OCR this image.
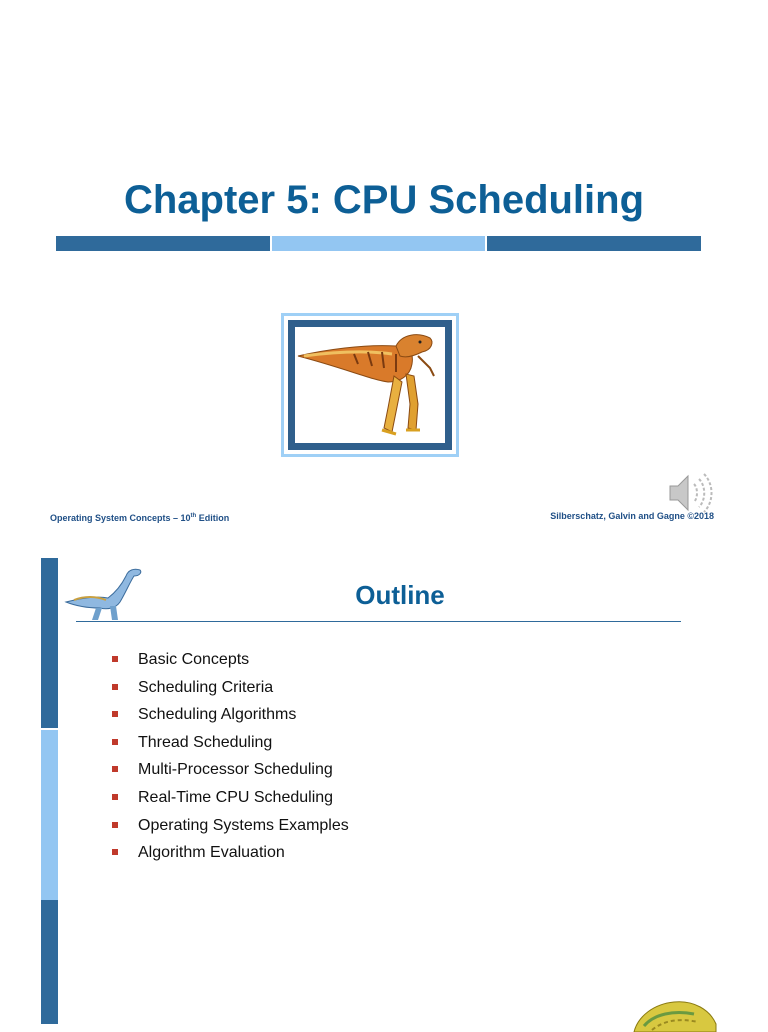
Chapter 5: CPU Scheduling
Operating System Concepts – 10th Edition	Silberschatz, Galvin and Gagne ©2018
Outline
Basic Concepts
Scheduling Criteria
Scheduling Algorithms
Thread Scheduling
Multi-Processor Scheduling
Real-Time CPU Scheduling
Operating Systems Examples
Algorithm Evaluation
